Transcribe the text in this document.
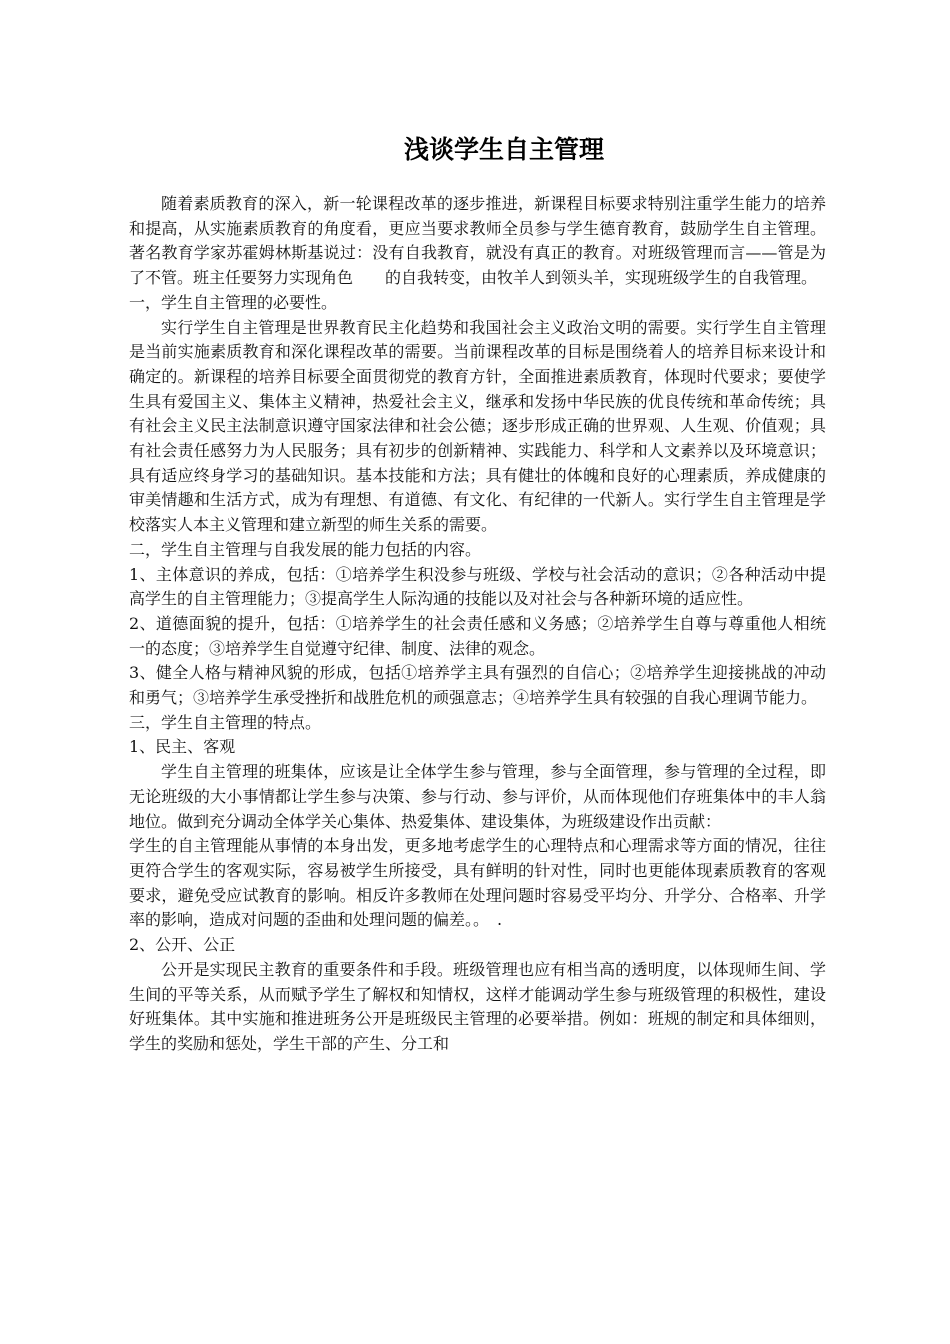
浅谈学生自主管理

随着素质教育的深入，新一轮课程改革的逐步推进，新课程目标要求特别注重学生能力的培养和提高，从实施素质教育的角度看，更应当要求教师全员参与学生德育教育，鼓励学生自主管理。著名教育学家苏霍姆林斯基说过：没有自我教育，就没有真正的教育。对班级管理而言——管是为了不管。班主任要努力实现角色　　的自我转变，由牧羊人到领头羊，实现班级学生的自我管理。

一，学生自主管理的必要性。

实行学生自主管理是世界教育民主化趋势和我国社会主义政治文明的需要。实行学生自主管理是当前实施素质教育和深化课程改革的需要。当前课程改革的目标是围绕着人的培养目标来设计和确定的。新课程的培养目标要全面贯彻党的教育方针，全面推进素质教育，体现时代要求；要使学生具有爱国主义、集体主义精神，热爱社会主义，继承和发扬中华民族的优良传统和革命传统；具有社会主义民主法制意识遵守国家法律和社会公德；逐步形成正确的世界观、人生观、价值观；具有社会责任感努力为人民服务；具有初步的创新精神、实践能力、科学和人文素养以及环境意识；具有适应终身学习的基础知识。基本技能和方法；具有健壮的体魄和良好的心理素质，养成健康的审美情趣和生活方式，成为有理想、有道德、有文化、有纪律的一代新人。实行学生自主管理是学校落实人本主义管理和建立新型的师生关系的需要。

二，学生自主管理与自我发展的能力包括的内容。

1、主体意识的养成，包括：①培养学生积没参与班级、学校与社会活动的意识；②各种活动中提高学生的自主管理能力；③提高学生人际沟通的技能以及对社会与各种新环境的适应性。

2、道德面貌的提升，包括：①培养学生的社会责任感和义务感；②培养学生自尊与尊重他人相统一的态度；③培养学生自觉遵守纪律、制度、法律的观念。

3、健全人格与精神风貌的形成，包括①培养学主具有强烈的自信心；②培养学生迎接挑战的冲动和勇气；③培养学生承受挫折和战胜危机的顽强意志；④培养学生具有较强的自我心理调节能力。

三，学生自主管理的特点。

1、民主、客观

学生自主管理的班集体，应该是让全体学生参与管理，参与全面管理，参与管理的全过程，即无论班级的大小事情都让学生参与决策、参与行动、参与评价，从而体现他们存班集体中的丰人翁地位。做到充分调动全体学关心集体、热爱集体、建设集体，为班级建设作出贡献：

学生的自主管理能从事情的本身出发，更多地考虑学生的心理特点和心理需求等方面的情况，往往更符合学生的客观实际，容易被学生所接受，具有鲜明的针对性，同时也更能体现素质教育的客观要求，避免受应试教育的影响。相反许多教师在处理问题时容易受平均分、升学分、合格率、升学率的影响，造成对问题的歪曲和处理问题的偏差。。　.

2、公开、公正

公开是实现民主教育的重要条件和手段。班级管理也应有相当高的透明度，以体现师生间、学生间的平等关系，从而赋予学生了解权和知情权，这样才能调动学生参与班级管理的积极性，建设好班集体。其中实施和推进班务公开是班级民主管理的必要举措。例如：班规的制定和具体细则，学生的奖励和惩处，学生干部的产生、分工和
